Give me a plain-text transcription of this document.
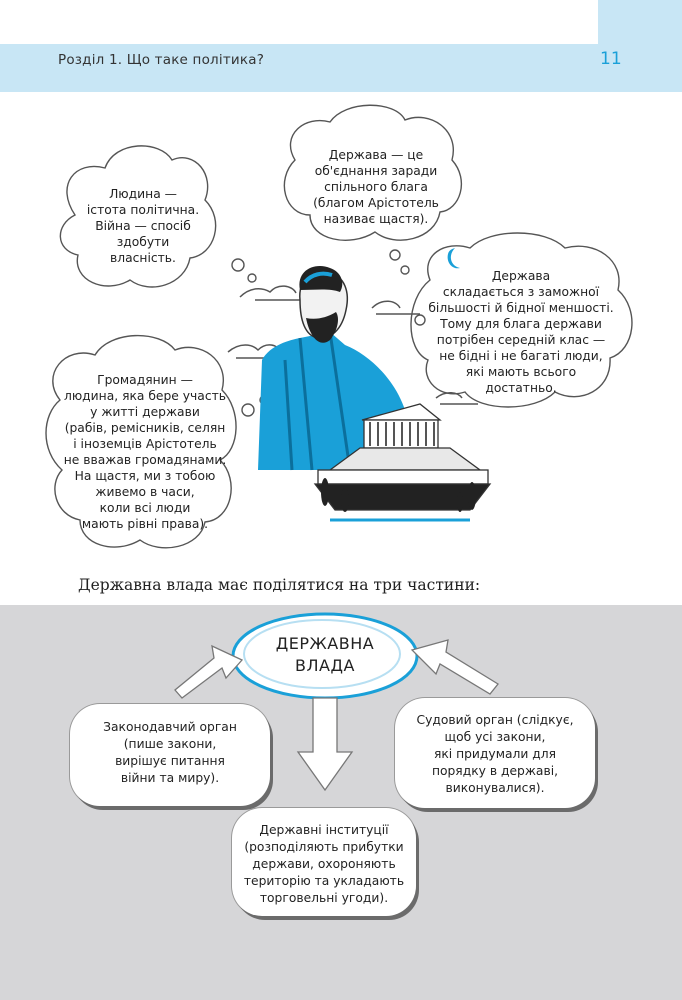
Розділ 1. Що таке політика?	11
Людина —
істота політична.
Війна — спосіб
здобути
власність.
Держава — це
об'єднання заради
спільного блага
(благом Арістотель
називає щастя).
Держава
складається з заможної
більшості й бідної меншості.
Тому для блага держави
потрібен середній клас —
не бідні і не багаті люди,
які мають всього
достатньо.
Громадянин —
людина, яка бере участь
у житті держави
(рабів, ремісників, селян
і іноземців Арістотель
не вважав громадянами.
На щастя, ми з тобою
живемо в часи,
коли всі люди
мають рівні права).
Державна влада має поділятися на три частини:
ДЕРЖАВНА
ВЛАДА
Законодавчий орган
(пише закони,
вирішує питання
війни та миру).
Судовий орган (слідкує,
щоб усі закони,
які придумали для
порядку в державі,
виконувалися).
Державні інституції
(розподіляють прибутки
держави, охороняють
територію та укладають
торговельні угоди).
